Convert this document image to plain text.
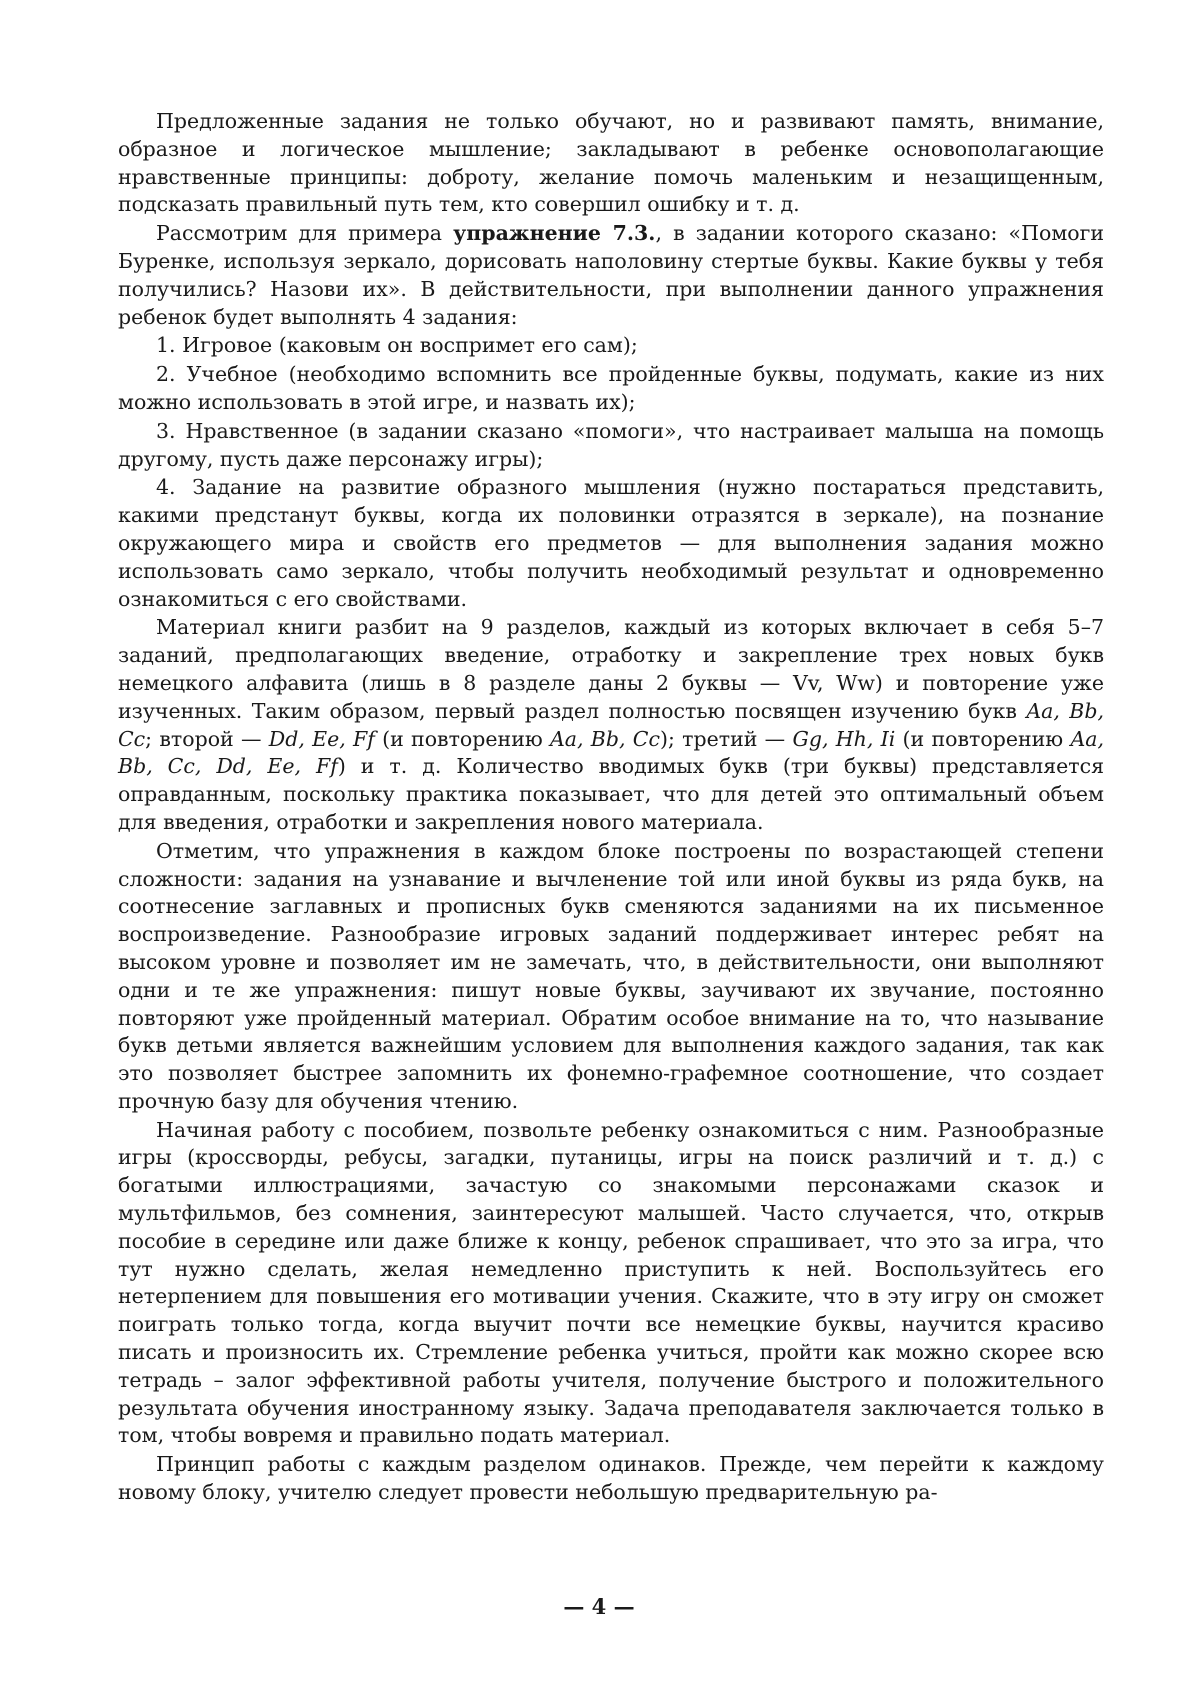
Предложенные задания не только обучают, но и развивают память, внимание, образное и логическое мышление; закладывают в ребенке основополагающие нравственные принципы: доброту, желание помочь маленьким и незащищенным, подсказать правильный путь тем, кто совершил ошибку и т. д.

Рассмотрим для примера упражнение 7.3., в задании которого сказано: «Помоги Буренке, используя зеркало, дорисовать наполовину стертые буквы. Какие буквы у тебя получились? Назови их». В действительности, при выполнении данного упражнения ребенок будет выполнять 4 задания:

1. Игровое (каковым он воспримет его сам);

2. Учебное (необходимо вспомнить все пройденные буквы, подумать, какие из них можно использовать в этой игре, и назвать их);

3. Нравственное (в задании сказано «помоги», что настраивает малыша на помощь другому, пусть даже персонажу игры);

4. Задание на развитие образного мышления (нужно постараться представить, какими предстанут буквы, когда их половинки отразятся в зеркале), на познание окружающего мира и свойств его предметов — для выполнения задания можно использовать само зеркало, чтобы получить необходимый результат и одновременно ознакомиться с его свойствами.

Материал книги разбит на 9 разделов, каждый из которых включает в себя 5–7 заданий, предполагающих введение, отработку и закрепление трех новых букв немецкого алфавита (лишь в 8 разделе даны 2 буквы — Vv, Ww) и повторение уже изученных. Таким образом, первый раздел полностью посвящен изучению букв Aa, Bb, Cc; второй — Dd, Ee, Ff (и повторению Aa, Bb, Cc); третий — Gg, Hh, Ii (и повторению Aa, Bb, Cc, Dd, Ee, Ff) и т. д. Количество вводимых букв (три буквы) представляется оправданным, поскольку практика показывает, что для детей это оптимальный объем для введения, отработки и закрепления нового материала.

Отметим, что упражнения в каждом блоке построены по возрастающей степени сложности: задания на узнавание и вычленение той или иной буквы из ряда букв, на соотнесение заглавных и прописных букв сменяются заданиями на их письменное воспроизведение. Разнообразие игровых заданий поддерживает интерес ребят на высоком уровне и позволяет им не замечать, что, в действительности, они выполняют одни и те же упражнения: пишут новые буквы, заучивают их звучание, постоянно повторяют уже пройденный материал. Обратим особое внимание на то, что называние букв детьми является важнейшим условием для выполнения каждого задания, так как это позволяет быстрее запомнить их фонемно-графемное соотношение, что создает прочную базу для обучения чтению.

Начиная работу с пособием, позвольте ребенку ознакомиться с ним. Разнообразные игры (кроссворды, ребусы, загадки, путаницы, игры на поиск различий и т. д.) с богатыми иллюстрациями, зачастую со знакомыми персонажами сказок и мультфильмов, без сомнения, заинтересуют малышей. Часто случается, что, открыв пособие в середине или даже ближе к концу, ребенок спрашивает, что это за игра, что тут нужно сделать, желая немедленно приступить к ней. Воспользуйтесь его нетерпением для повышения его мотивации учения. Скажите, что в эту игру он сможет поиграть только тогда, когда выучит почти все немецкие буквы, научится красиво писать и произносить их. Стремление ребенка учиться, пройти как можно скорее всю тетрадь – залог эффективной работы учителя, получение быстрого и положительного результата обучения иностранному языку. Задача преподавателя заключается только в том, чтобы вовремя и правильно подать материал.

Принцип работы с каждым разделом одинаков. Прежде, чем перейти к каждому новому блоку, учителю следует провести небольшую предварительную ра-

— 4 —
